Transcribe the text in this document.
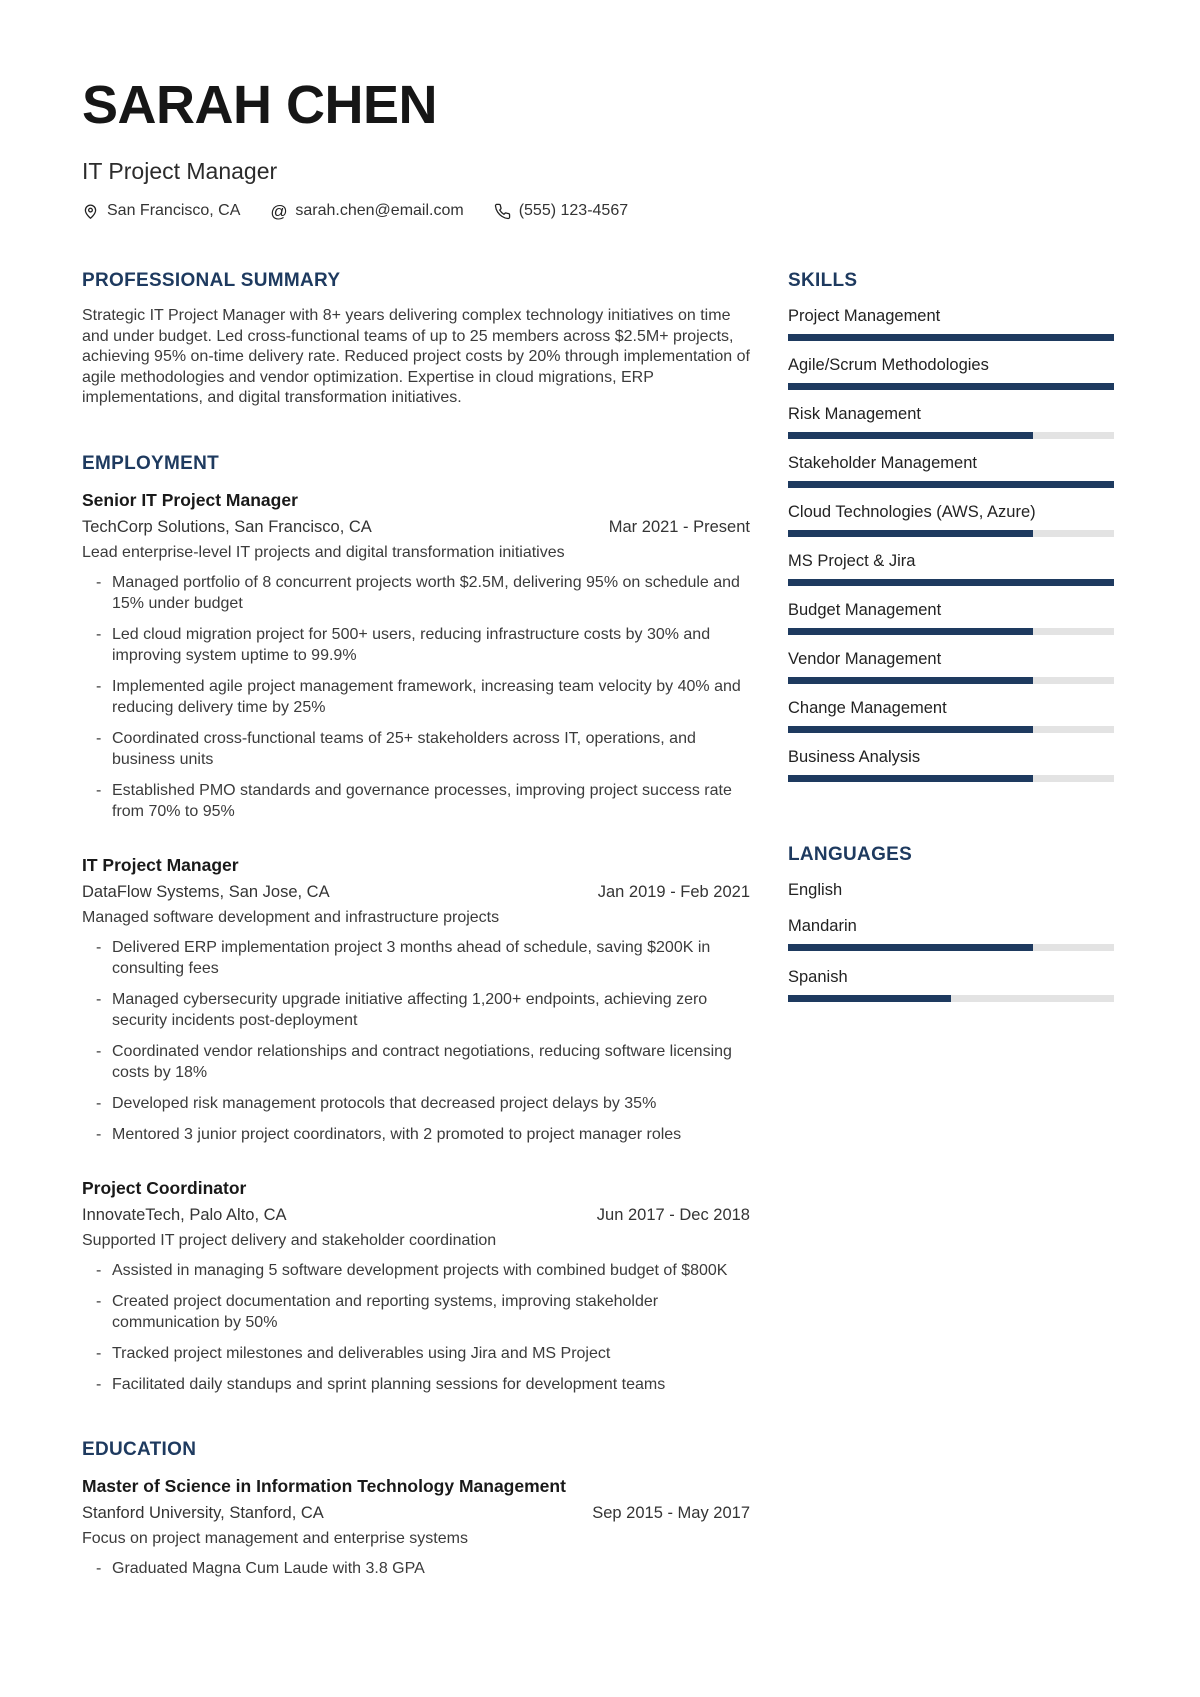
SARAH CHEN
IT Project Manager
San Francisco, CA @ sarah.chen@email.com	(555) 123-4567
PROFESSIONAL SUMMARY

Strategic IT Project Manager with 8+ years delivering complex technology initiatives on time and under budget. Led cross-functional teams of up to 25 members across $2.5M+ projects, achieving 95% on-time delivery rate. Reduced project costs by 20% through implementation of agile methodologies and vendor optimization. Expertise in cloud migrations, ERP implementations, and digital transformation initiatives.

EMPLOYMENT
Senior IT Project Manager
TechCorp Solutions, San Francisco, CA	Mar 2021 - Present
Lead enterprise-level IT projects and digital transformation initiatives
- Managed portfolio of 8 concurrent projects worth $2.5M, delivering 95% on schedule and 15% under budget
- Led cloud migration project for 500+ users, reducing infrastructure costs by 30% and improving system uptime to 99.9%
- Implemented agile project management framework, increasing team velocity by 40% and reducing delivery time by 25%
- Coordinated cross-functional teams of 25+ stakeholders across IT, operations, and business units
- Established PMO standards and governance processes, improving project success rate from 70% to 95%
IT Project Manager
DataFlow Systems, San Jose, CA	Jan 2019 - Feb 2021
Managed software development and infrastructure projects
- Delivered ERP implementation project 3 months ahead of schedule, saving $200K in consulting fees
- Managed cybersecurity upgrade initiative affecting 1,200+ endpoints, achieving zero security incidents post-deployment
- Coordinated vendor relationships and contract negotiations, reducing software licensing costs by 18%
- Developed risk management protocols that decreased project delays by 35%
- Mentored 3 junior project coordinators, with 2 promoted to project manager roles
Project Coordinator
InnovateTech, Palo Alto, CA	Jun 2017 - Dec 2018
Supported IT project delivery and stakeholder coordination
- Assisted in managing 5 software development projects with combined budget of $800K
- Created project documentation and reporting systems, improving stakeholder communication by 50%
- Tracked project milestones and deliverables using Jira and MS Project
- Facilitated daily standups and sprint planning sessions for development teams
EDUCATION
Master of Science in Information Technology Management
Stanford University, Stanford, CA	Sep 2015 - May 2017
Focus on project management and enterprise systems
- Graduated Magna Cum Laude with 3.8 GPA
SKILLS
Project Management
Agile/Scrum Methodologies
Risk Management
Stakeholder Management
Cloud Technologies (AWS, Azure)
MS Project & Jira
Budget Management
Vendor Management
Change Management
Business Analysis
LANGUAGES
English
Mandarin
Spanish
